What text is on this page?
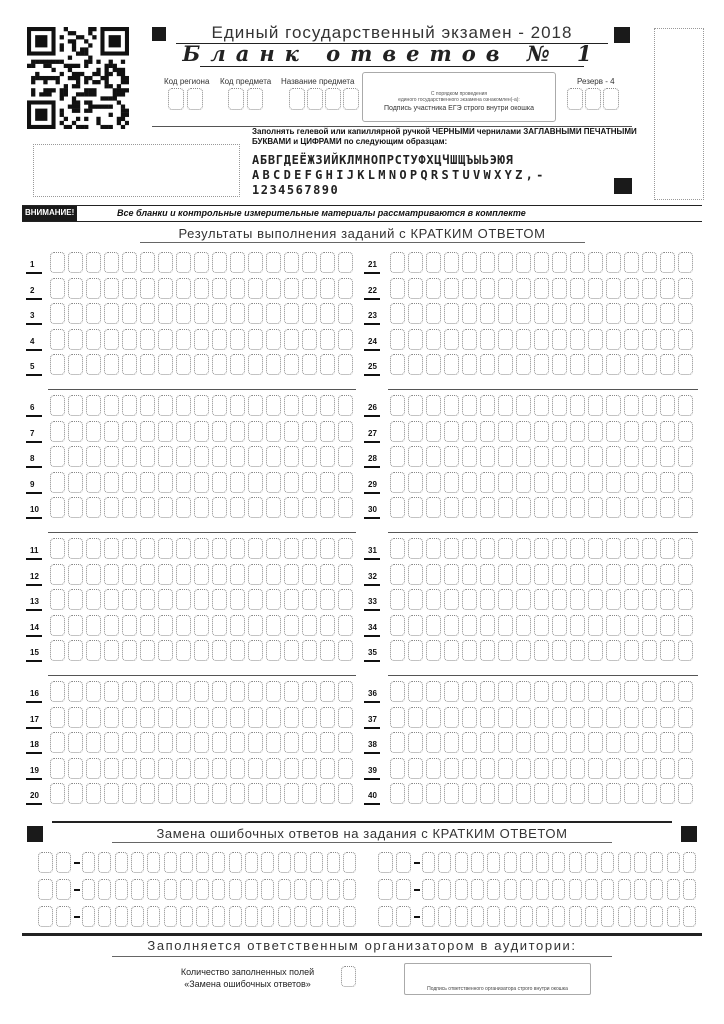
Единый государственный экзамен - 2018
Бланк ответов № 1
Код региона Код предмета Название предмета	Резерв - 4
С порядком проведения
единого государственного экзамена ознакомлен(-а):
Подпись участника ЕГЭ строго внутри окошка
Заполнять гелевой или капиллярной ручкой ЧЕРНЫМИ чернилами ЗАГЛАВНЫМИ ПЕЧАТНЫМИ БУКВАМИ и ЦИФРАМИ по следующим образцам:
АБВГДЕЁЖЗИЙКЛМНОПРСТУФХЦЧШЩЪЫЬЭЮЯ
ABCDEFGHIJKLMNOPQRSTUVWXYZ,-
1234567890
ВНИМАНИЕ!	Все бланки и контрольные измерительные материалы рассматриваются в комплекте
Результаты выполнения заданий с КРАТКИМ ОТВЕТОМ
1	21
2	22
3	23
4	24
5	25
6	26
7	27
8	28
9	29
10	30
11	31
12	32
13	33
14	34
15	35
16	36
17	37
18	38
19	39
20	40
Замена ошибочных ответов на задания с КРАТКИМ ОТВЕТОМ
Заполняется ответственным организатором в аудитории:
Количество заполненных полей
«Замена ошибочных ответов»	Подпись ответственного организатора строго внутри окошка
